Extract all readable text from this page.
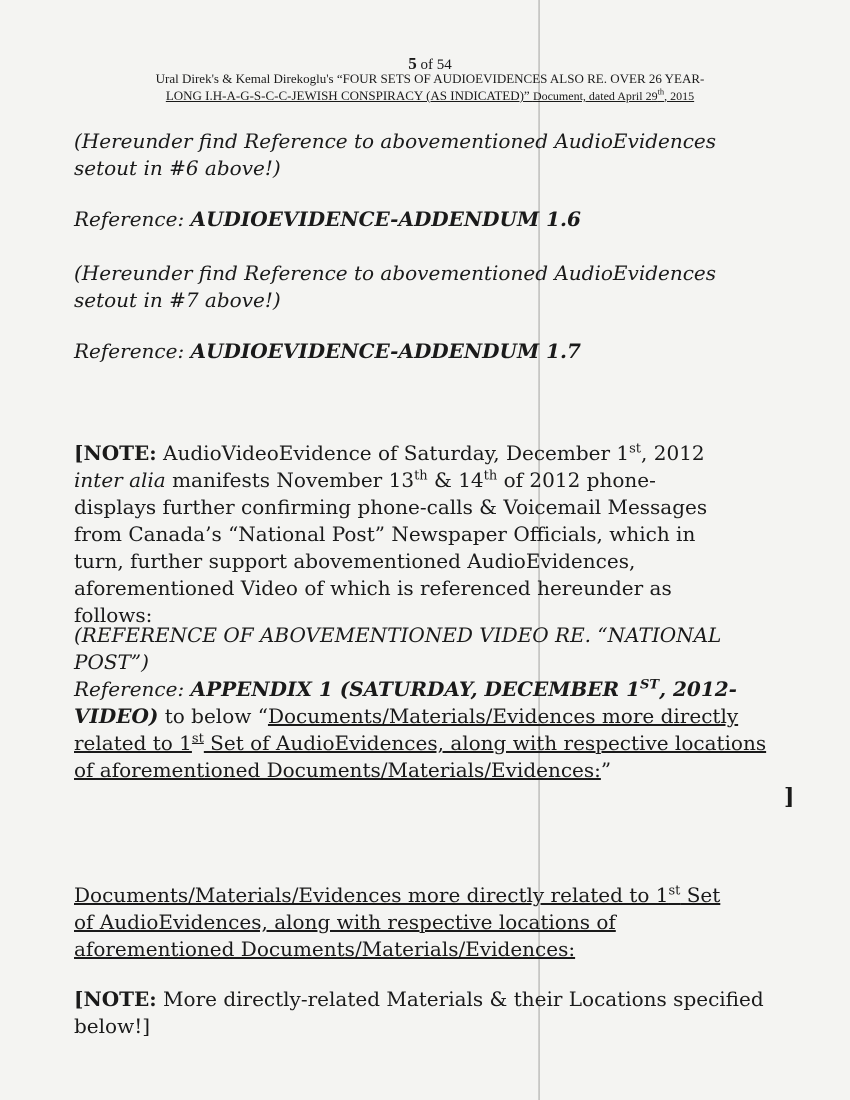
5 of 54
Ural Direk's & Kemal Direkoglu's “FOUR SETS OF AUDIOEVIDENCES ALSO RE. OVER 26 YEAR-
LONG I.H-A-G-S-C-C-JEWISH CONSPIRACY (AS INDICATED)” Document, dated April 29th, 2015
(Hereunder find Reference to abovementioned AudioEvidences setout in #6 above!)
Reference: AUDIOEVIDENCE-ADDENDUM 1.6
(Hereunder find Reference to abovementioned AudioEvidences setout in #7 above!)
Reference: AUDIOEVIDENCE-ADDENDUM 1.7
[NOTE: AudioVideoEvidence of Saturday, December 1st, 2012 inter alia manifests November 13th & 14th of 2012 phone-displays further confirming phone-calls & Voicemail Messages from Canada’s “National Post” Newspaper Officials, which in turn, further support abovementioned AudioEvidences, aforementioned Video of which is referenced hereunder as follows:
(REFERENCE OF ABOVEMENTIONED VIDEO RE. “NATIONAL POST”)
Reference: APPENDIX 1 (SATURDAY, DECEMBER 1ST, 2012-VIDEO) to below “Documents/Materials/Evidences more directly related to 1st Set of AudioEvidences, along with respective locations of aforementioned Documents/Materials/Evidences:”
]
Documents/Materials/Evidences more directly related to 1st Set of AudioEvidences, along with respective locations of aforementioned Documents/Materials/Evidences:
[NOTE: More directly-related Materials & their Locations specified below!]
